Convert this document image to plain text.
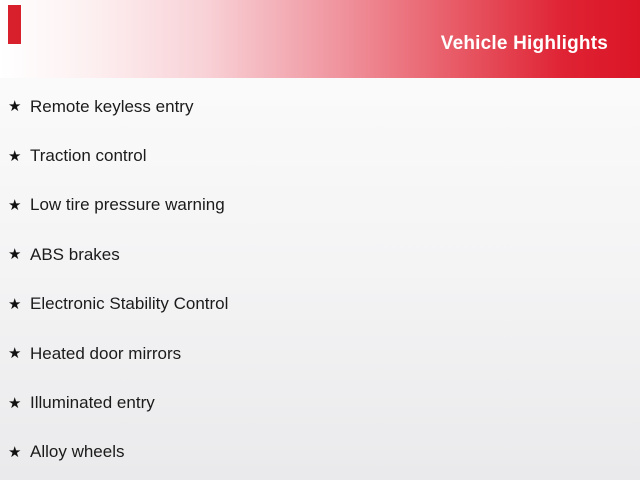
Vehicle Highlights
★ Remote keyless entry
★ Traction control
★ Low tire pressure warning
★ ABS brakes
★ Electronic Stability Control
★ Heated door mirrors
★ Illuminated entry
★ Alloy wheels
